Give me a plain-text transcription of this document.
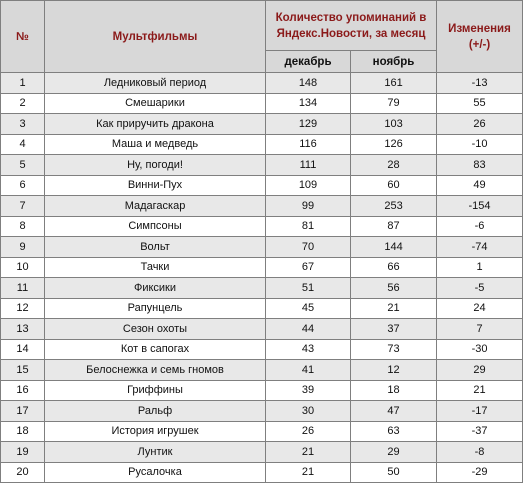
№	Мультфильмы	Количество упоминаний в Яндекс.Новости, за месяц		Изменения (+/-)
		декабрь	ноябрь	
1	Ледниковый период	148	161	-13
2	Смешарики	134	79	55
3	Как приручить дракона	129	103	26
4	Маша и медведь	116	126	-10
5	Ну, погоди!	111	28	83
6	Винни-Пух	109	60	49
7	Мадагаскар	99	253	-154
8	Симпсоны	81	87	-6
9	Вольт	70	144	-74
10	Тачки	67	66	1
11	Фиксики	51	56	-5
12	Рапунцель	45	21	24
13	Сезон охоты	44	37	7
14	Кот в сапогах	43	73	-30
15	Белоснежка и семь гномов	41	12	29
16	Гриффины	39	18	21
17	Ральф	30	47	-17
18	История игрушек	26	63	-37
19	Лунтик	21	29	-8
20	Русалочка	21	50	-29
